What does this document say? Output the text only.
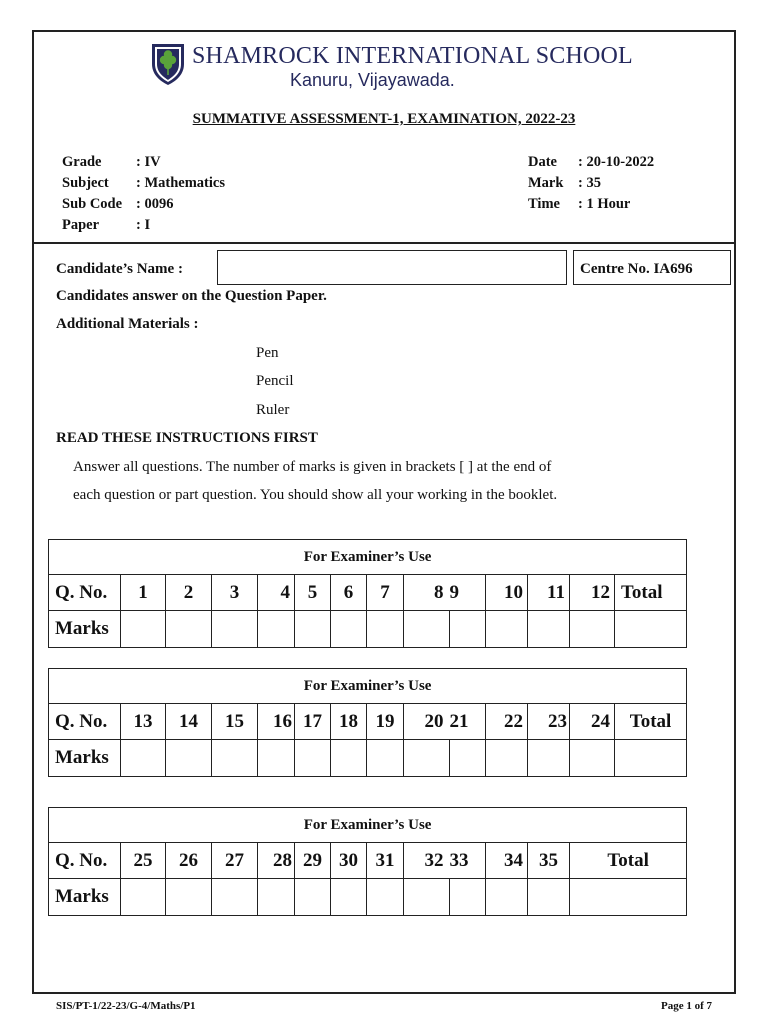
SHAMROCK INTERNATIONAL SCHOOL
Kanuru, Vijayawada.
SUMMATIVE ASSESSMENT-1, EXAMINATION, 2022-23
Grade	: IV
Subject	: Mathematics
Sub Code : 0096
Paper	: I
Date	: 20-10-2022
Mark	: 35
Time	: 1 Hour
Candidate’s Name :	Centre No. IA696
Candidates answer on the Question Paper.
Additional Materials :
Pen
Pencil
Ruler
READ THESE INSTRUCTIONS FIRST
Answer all questions. The number of marks is given in brackets [ ] at the end of
each question or part question. You should show all your working in the booklet.
For Examiner’s Use													
Q. No.	1	2	3	4	5	6	7	8	9	10	11	12	Total
Marks													
For Examiner’s Use													
Q. No.	13	14	15	16	17	18	19	20	21	22	23	24	Total
Marks													
For Examiner’s Use												
Q. No.	25	26	27	28	29	30	31	32	33	34	35	Total
Marks												
SIS/PT-1/22-23/G-4/Maths/P1	Page 1 of 7
